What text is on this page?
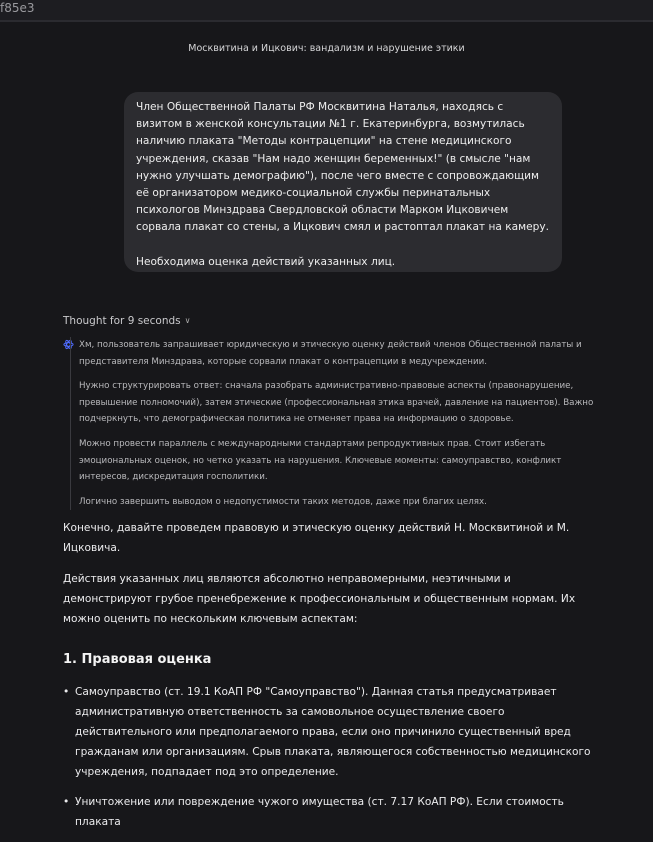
f85e3
Москвитина и Ицкович: вандализм и нарушение этики

Член Общественной Палаты РФ Москвитина Наталья, находясь с визитом в женской консультации №1 г. Екатеринбурга, возмутилась наличию плаката "Методы контрацепции" на стене медицинского учреждения, сказав "Нам надо женщин беременных!" (в смысле "нам нужно улучшать демографию"), после чего вместе с сопровождающим её организатором медико-социальной службы перинатальных психологов Минздрава Свердловской области Марком Ицковичем сорвала плакат со стены, а Ицкович смял и растоптал плакат на камеру.

Необходима оценка действий указанных лиц.

Thought for 9 seconds ∨

Хм, пользователь запрашивает юридическую и этическую оценку действий членов Общественной палаты и представителя Минздрава, которые сорвали плакат о контрацепции в медучреждении.

Нужно структурировать ответ: сначала разобрать административно-правовые аспекты (правонарушение, превышение полномочий), затем этические (профессиональная этика врачей, давление на пациентов). Важно подчеркнуть, что демографическая политика не отменяет права на информацию о здоровье.

Можно провести параллель с международными стандартами репродуктивных прав. Стоит избегать эмоциональных оценок, но четко указать на нарушения. Ключевые моменты: самоуправство, конфликт интересов, дискредитация госполитики.

Логично завершить выводом о недопустимости таких методов, даже при благих целях.

Конечно, давайте проведем правовую и этическую оценку действий Н. Москвитиной и М. Ицковича.

Действия указанных лиц являются абсолютно неправомерными, неэтичными и демонстрируют грубое пренебрежение к профессиональным и общественным нормам. Их можно оценить по нескольким ключевым аспектам:

1. Правовая оценка
• Самоуправство (ст. 19.1 КоАП РФ "Самоуправство"). Данная статья предусматривает административную ответственность за самовольное осуществление своего действительного или предполагаемого права, если оно причинило существенный вред гражданам или организациям. Срыв плаката, являющегося собственностью медицинского учреждения, подпадает под это определение.
• Уничтожение или повреждение чужого имущества (ст. 7.17 КоАП РФ). Если стоимость плаката
